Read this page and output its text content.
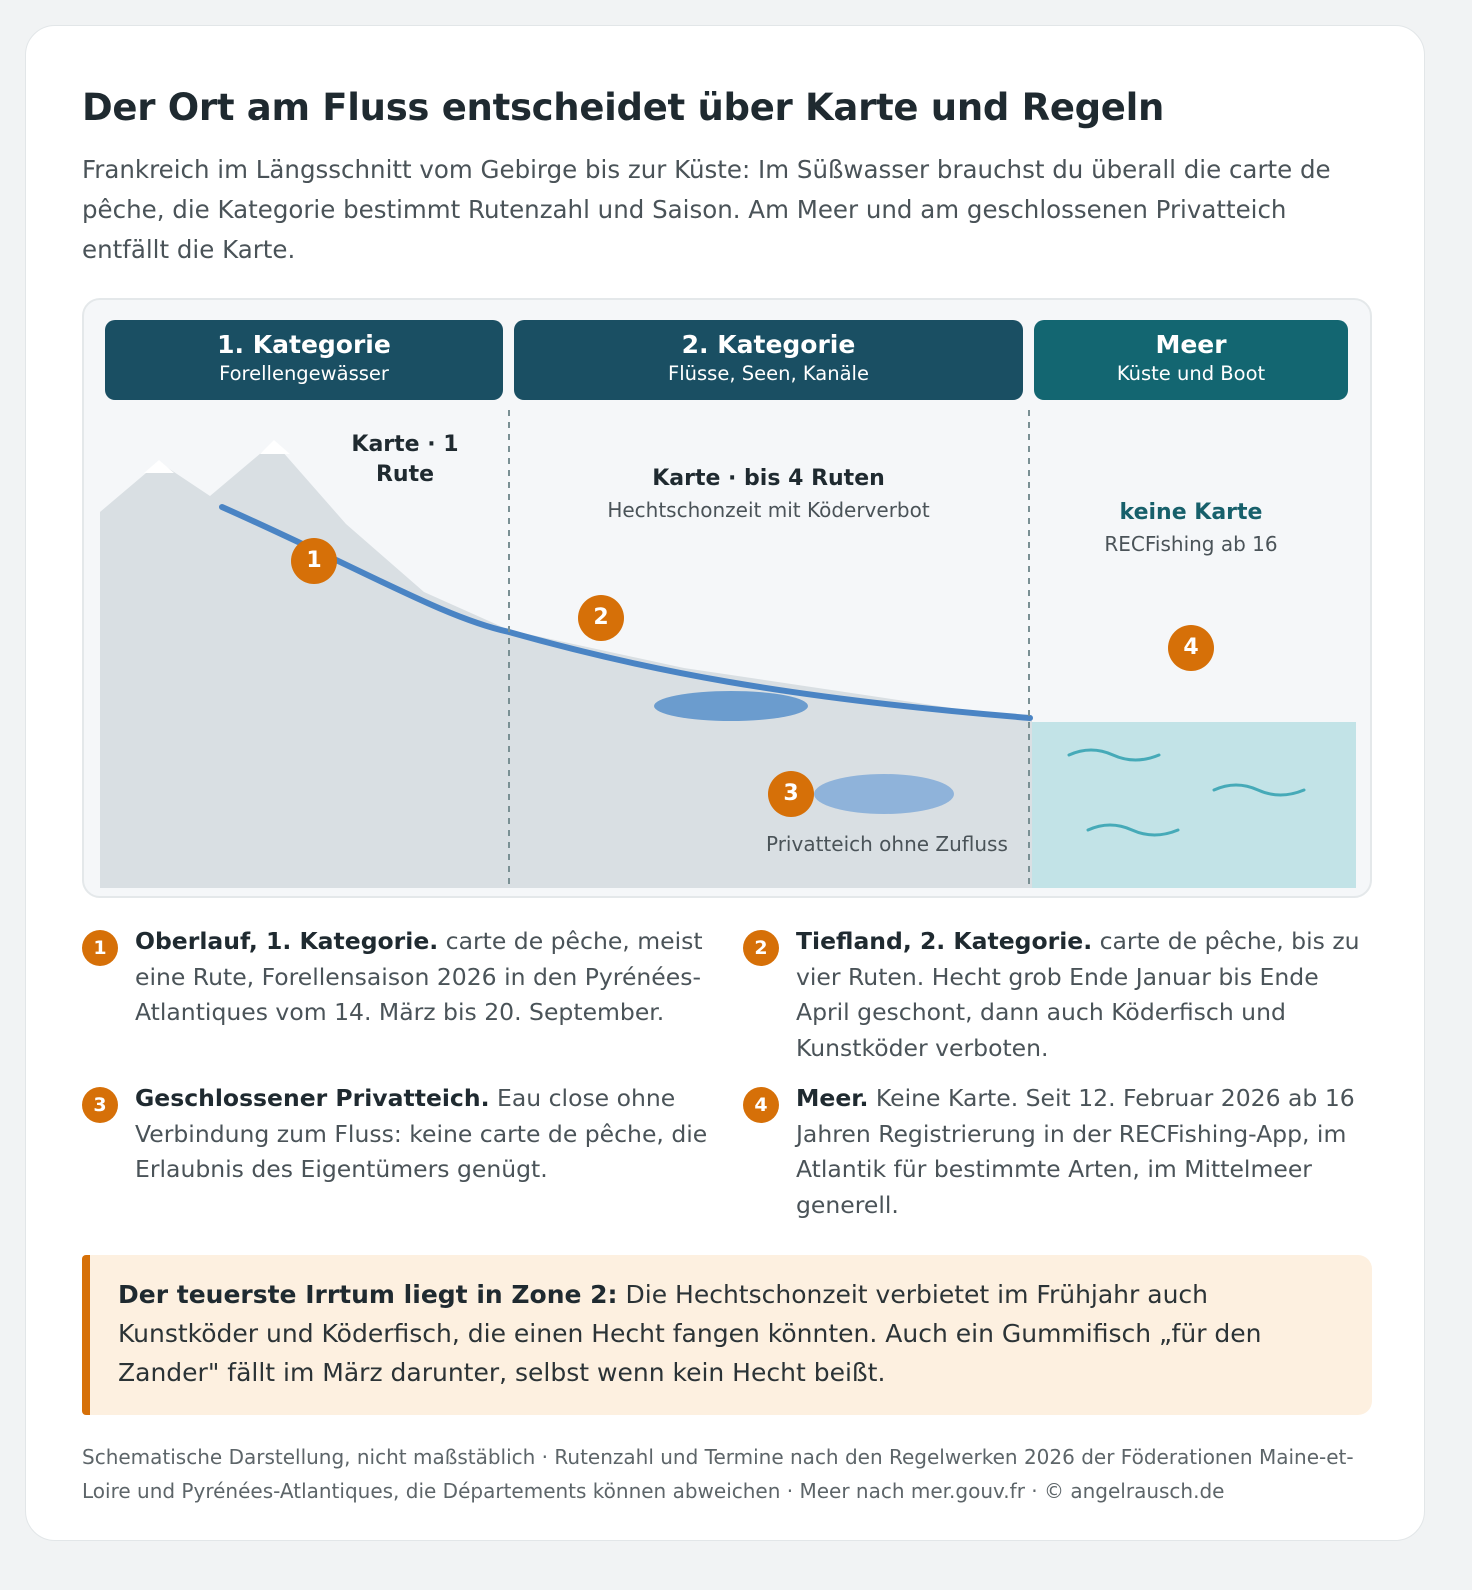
Der Ort am Fluss entscheidet über Karte und Regeln

Frankreich im Längsschnitt vom Gebirge bis zur Küste: Im Süßwasser brauchst du überall die carte de pêche, die Kategorie bestimmt Rutenzahl und Saison. Am Meer und am geschlossenen Privatteich entfällt die Karte.

1. Kategorie
Forellengewässer
2. Kategorie
Flüsse, Seen, Kanäle
Meer
Küste und Boot
Karte · 1 Rute	Karte · bis 4 Ruten
Hechtschonzeit mit Köderverbot	keine Karte
RECFishing ab 16
1
2
3
4
Privatteich ohne Zufluss
1	Oberlauf, 1. Kategorie. carte de pêche, meist eine Rute, Forellensaison 2026 in den Pyrénées-Atlantiques vom 14. März bis 20. September.
2	Tiefland, 2. Kategorie. carte de pêche, bis zu vier Ruten. Hecht grob Ende Januar bis Ende April geschont, dann auch Köderfisch und Kunstköder verboten.
3	Geschlossener Privatteich. Eau close ohne Verbindung zum Fluss: keine carte de pêche, die Erlaubnis des Eigentümers genügt.
4	Meer. Keine Karte. Seit 12. Februar 2026 ab 16 Jahren Registrierung in der RECFishing-App, im Atlantik für bestimmte Arten, im Mittelmeer generell.
Der teuerste Irrtum liegt in Zone 2: Die Hechtschonzeit verbietet im Frühjahr auch Kunstköder und Köderfisch, die einen Hecht fangen könnten. Auch ein Gummifisch „für den Zander" fällt im März darunter, selbst wenn kein Hecht beißt.
Schematische Darstellung, nicht maßstäblich · Rutenzahl und Termine nach den Regelwerken 2026 der Föderationen Maine-et-Loire und Pyrénées-Atlantiques, die Départements können abweichen · Meer nach mer.gouv.fr · © angelrausch.de
